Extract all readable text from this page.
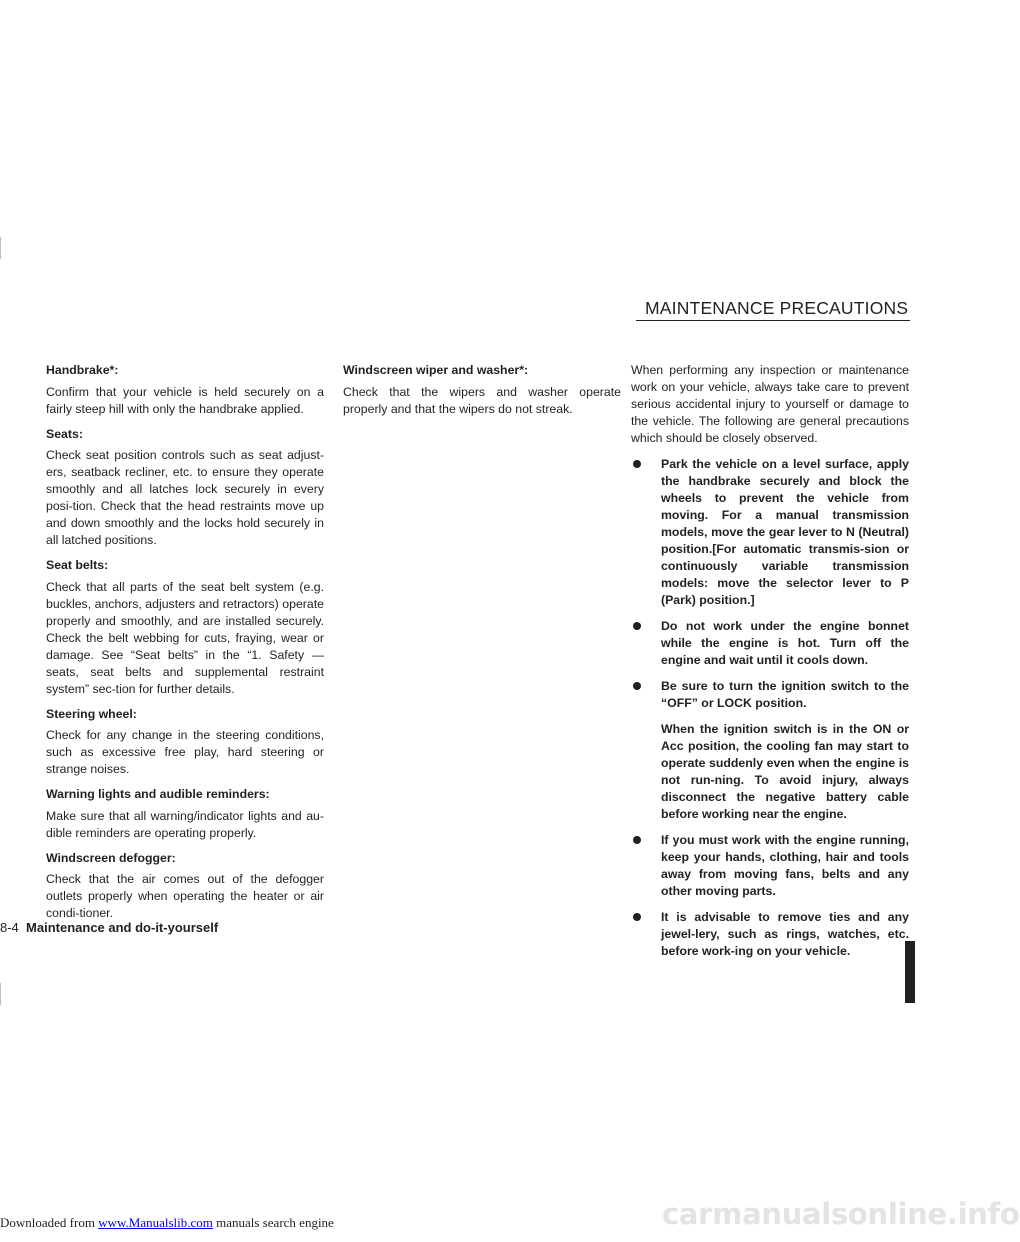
MAINTENANCE PRECAUTIONS
Handbrake*:

Confirm that your vehicle is held securely on a fairly steep hill with only the handbrake applied.

Seats:

Check seat position controls such as seat adjust-ers, seatback recliner, etc. to ensure they operate smoothly and all latches lock securely in every posi-tion. Check that the head restraints move up and down smoothly and the locks hold securely in all latched positions.

Seat belts:

Check that all parts of the seat belt system (e.g. buckles, anchors, adjusters and retractors) operate properly and smoothly, and are installed securely. Check the belt webbing for cuts, fraying, wear or damage. See “Seat belts” in the “1. Safety — seats, seat belts and supplemental restraint system” sec-tion for further details.

Steering wheel:

Check for any change in the steering conditions, such as excessive free play, hard steering or strange noises.

Warning lights and audible reminders:

Make sure that all warning/indicator lights and au-dible reminders are operating properly.

Windscreen defogger:

Check that the air comes out of the defogger outlets properly when operating the heater or air condi-tioner.

Windscreen wiper and washer*:

Check that the wipers and washer operate properly and that the wipers do not streak.

When performing any inspection or maintenance work on your vehicle, always take care to prevent serious accidental injury to yourself or damage to the vehicle. The following are general precautions which should be closely observed.

Park the vehicle on a level surface, apply the handbrake securely and block the wheels to prevent the vehicle from moving. For a manual transmission models, move the gear lever to N (Neutral) position.[For automatic transmis-sion or continuously variable transmission models: move the selector lever to P (Park) position.]
Do not work under the engine bonnet while the engine is hot. Turn off the engine and wait until it cools down.
Be sure to turn the ignition switch to the “OFF” or LOCK position.
When the ignition switch is in the ON or Acc position, the cooling fan may start to operate suddenly even when the engine is not run-ning. To avoid injury, always disconnect the negative battery cable before working near the engine.
If you must work with the engine running, keep your hands, clothing, hair and tools away from moving fans, belts and any other moving parts.
It is advisable to remove ties and any jewel-lery, such as rings, watches, etc. before work-ing on your vehicle.
8-4 Maintenance and do-it-yourself
Downloaded from www.Manualslib.com manuals search engine	carmanualsonline.info
